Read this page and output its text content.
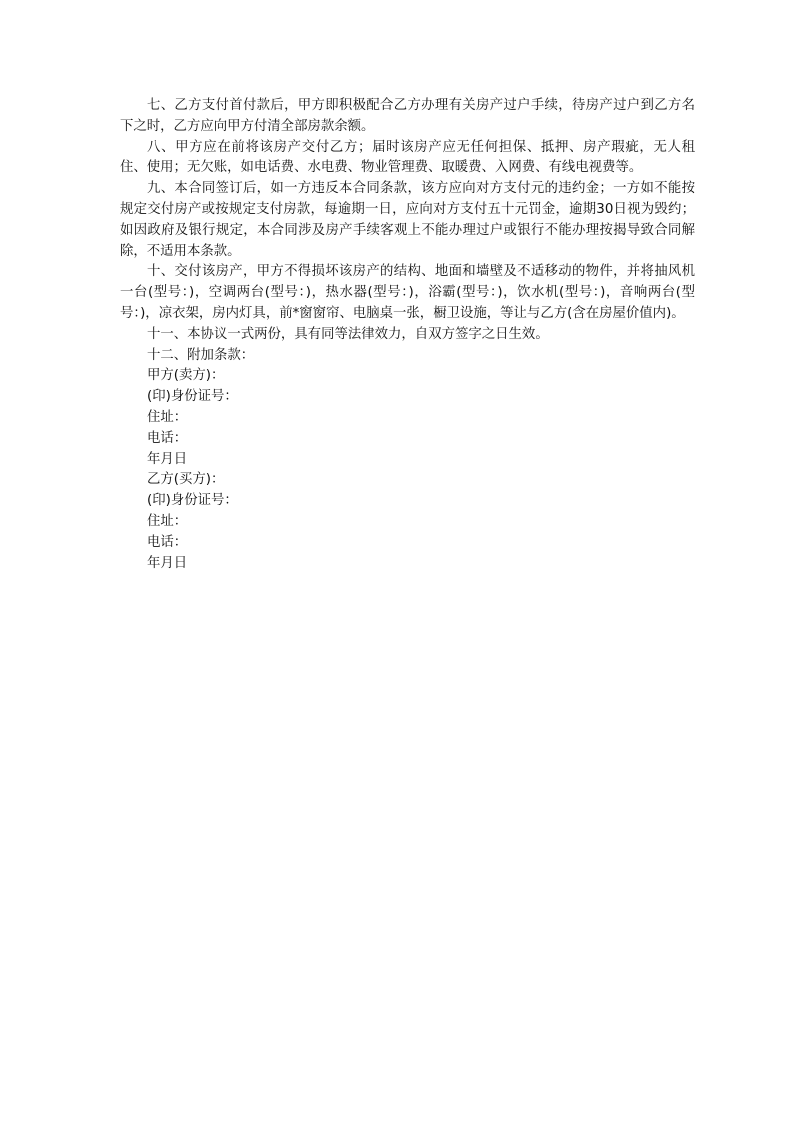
七、乙方支付首付款后，甲方即积极配合乙方办理有关房产过户手续，待房产过户到乙方名下之时，乙方应向甲方付清全部房款余额。

八、甲方应在前将该房产交付乙方；届时该房产应无任何担保、抵押、房产瑕疵，无人租住、使用；无欠账，如电话费、水电费、物业管理费、取暖费、入网费、有线电视费等。

九、本合同签订后，如一方违反本合同条款，该方应向对方支付元的违约金；一方如不能按规定交付房产或按规定支付房款，每逾期一日，应向对方支付五十元罚金，逾期30日视为毁约；如因政府及银行规定，本合同涉及房产手续客观上不能办理过户或银行不能办理按揭导致合同解除，不适用本条款。

十、交付该房产，甲方不得损坏该房产的结构、地面和墙壁及不适移动的物件，并将抽风机一台(型号：)，空调两台(型号：)，热水器(型号：)，浴霸(型号：)，饮水机(型号：)，音响两台(型号：)，凉衣架，房内灯具，前*窗窗帘、电脑桌一张，橱卫设施，等让与乙方(含在房屋价值内)。

十一、本协议一式两份，具有同等法律效力，自双方签字之日生效。

十二、附加条款：

甲方(卖方)：

(印)身份证号：

住址：

电话：

年月日

乙方(买方)：

(印)身份证号：

住址：

电话：

年月日
